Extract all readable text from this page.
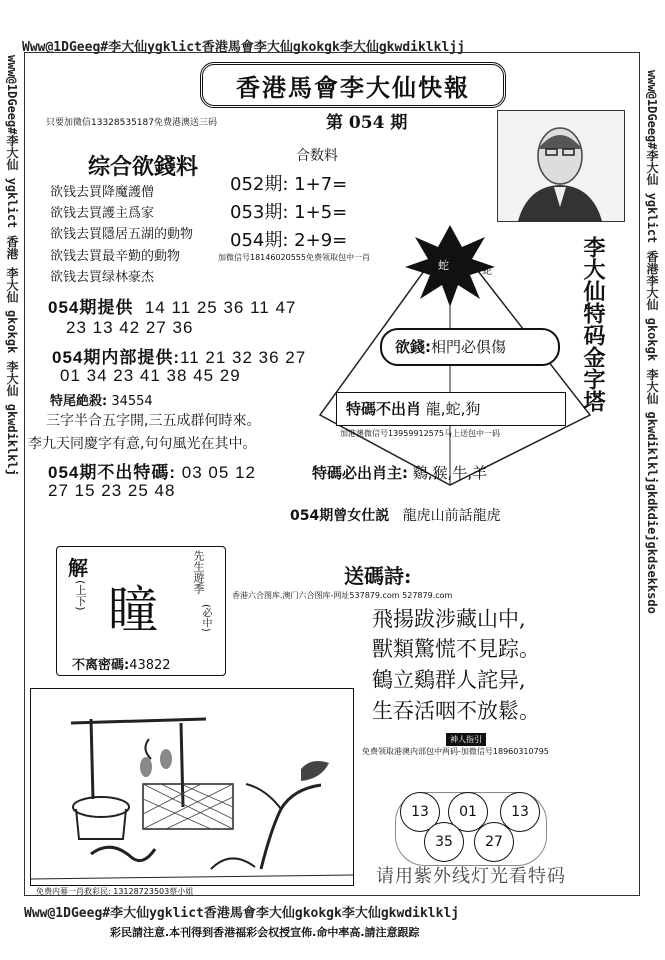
Www@1DGeeg#李大仙ygklict香港馬會李大仙gkokgk李大仙gkwdiklkljj
Www@1DGeeg#李大仙ygklict香港馬會李大仙gkokgk李大仙gkwdiklklj
www@1DGeeg#李大仙 ygklict 香港 李大仙 gkokgk 李大仙 gkwdiklklj	www@1DGeeg#李大仙 ygklict 香港李大仙 gkokgk 李大仙 gkwdiklkljgkdkdiejgkdsekksdo
香港馬會李大仙快報
第 054 期
只要加微信13328535187免费港澳送三码
合数料
052期: 1+7=
053期: 1+5=
054期: 2+9=
综合欲錢料
欲钱去買降魔護僧
欲钱去買護主爲家
欲钱去買隱居五湖的動物
欲钱去買最辛勤的動物
欲钱去買绿林豪杰
加微信号18146020555免费领取包中一肖
054期提供 14 11 25 36 11 47
23 13 42 27 36
054期内部提供:11 21 32 36 27
01 34 23 41 38 45 29
特尾絶殺: 34554
三字半合五字開,三五成群何時來。
李九天同慶字有意,句句風光在其中。
054期不出特碼: 03 05 12
27 15 23 25 48
蛇	蛇	李大仙特码金字塔
欲錢:相門必俱傷
特碼不出肖 龍,蛇,狗
加港澳微信号13959912575马上送包中一码
特碼必出肖主: 鷄,猴,牛,羊
054期曾女仕説 龍虎山前話龍虎
解
(上下) 瞳
先生遊季
(必中)
不离密碼:43822
送碼詩:
香港六合图库.澳门六合图库-网址537879.com 527879.com
飛揚跋涉藏山中,
獸類驚慌不見踪。
鶴立鷄群人詫异,
生吞活咽不放鬆。
神人指引
免费领取港澳内部包中两码-加微信号18960310795
13	01	13
35	27
请用紫外线灯光看特码
免费内幕一肖救彩民: 13128723503蔡小姐
彩民請注意.本刊得到香港福彩会权授宣佈.命中率高.請注意跟踪
